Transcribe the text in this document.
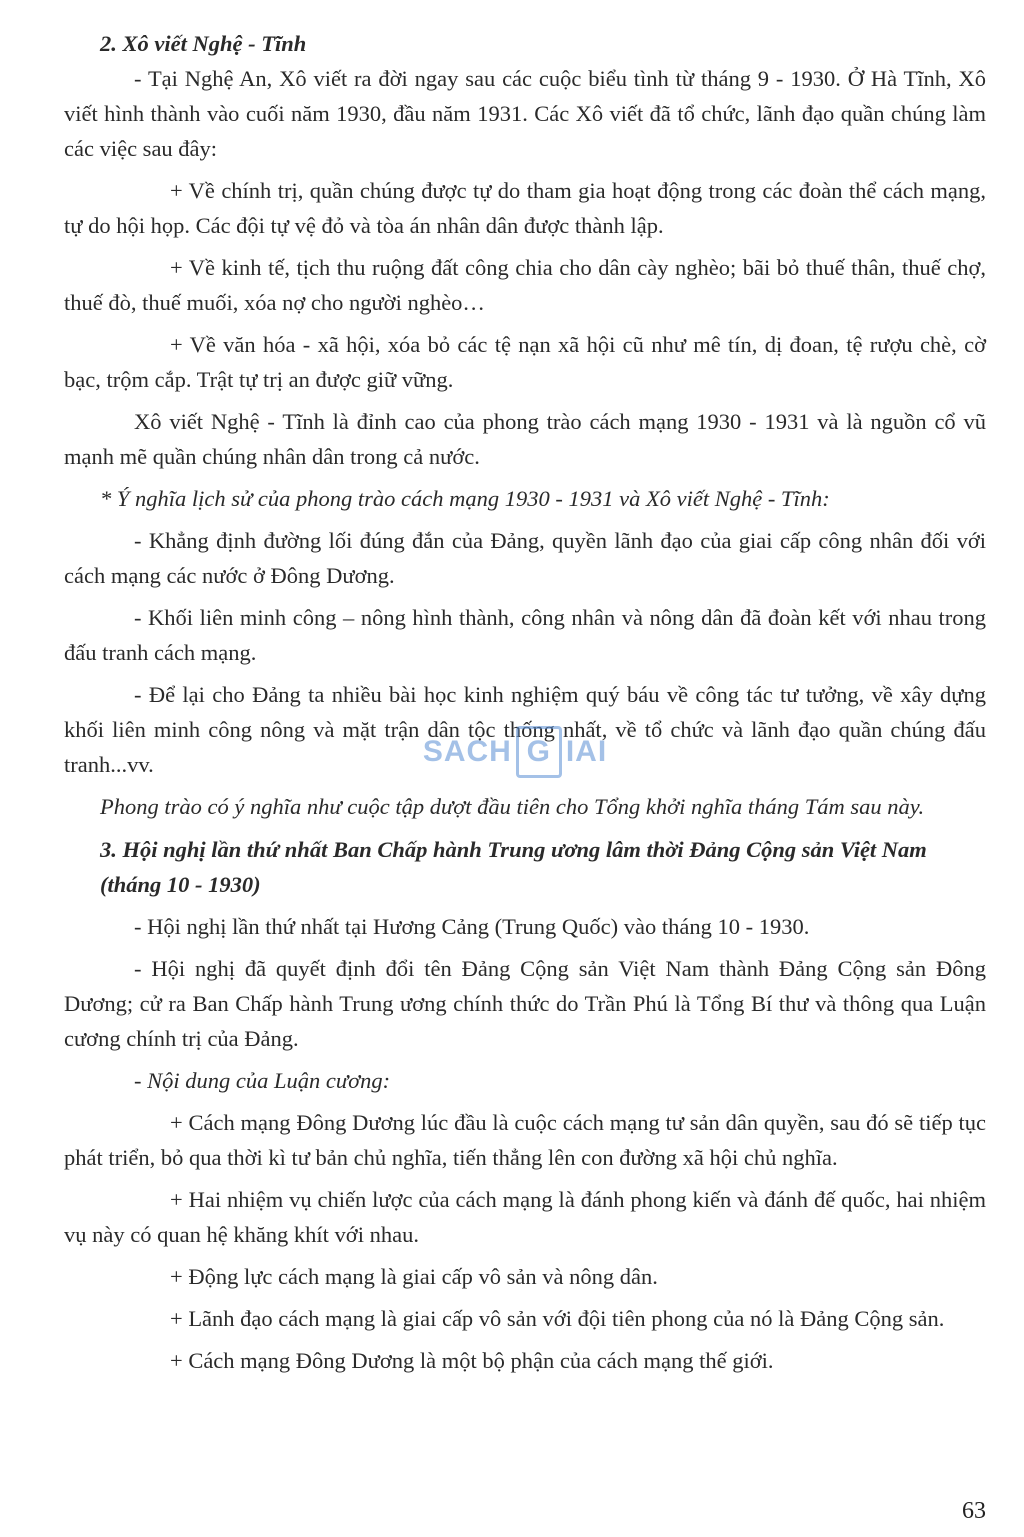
2. Xô viết Nghệ - Tĩnh

- Tại Nghệ An, Xô viết ra đời ngay sau các cuộc biểu tình từ tháng 9 - 1930. Ở Hà Tĩnh, Xô viết hình thành vào cuối năm 1930, đầu năm 1931. Các Xô viết đã tổ chức, lãnh đạo quần chúng làm các việc sau đây:

+ Về chính trị, quần chúng được tự do tham gia hoạt động trong các đoàn thể cách mạng, tự do hội họp. Các đội tự vệ đỏ và tòa án nhân dân được thành lập.

+ Về kinh tế, tịch thu ruộng đất công chia cho dân cày nghèo; bãi bỏ thuế thân, thuế chợ, thuế đò, thuế muối, xóa nợ cho người nghèo…

+ Về văn hóa - xã hội, xóa bỏ các tệ nạn xã hội cũ như mê tín, dị đoan, tệ rượu chè, cờ bạc, trộm cắp. Trật tự trị an được giữ vững.

Xô viết Nghệ - Tĩnh là đỉnh cao của phong trào cách mạng 1930 - 1931 và là nguồn cổ vũ mạnh mẽ quần chúng nhân dân trong cả nước.

* Ý nghĩa lịch sử của phong trào cách mạng 1930 - 1931 và Xô viết Nghệ - Tĩnh:

- Khẳng định đường lối đúng đắn của Đảng, quyền lãnh đạo của giai cấp công nhân đối với cách mạng các nước ở Đông Dương.

- Khối liên minh công – nông hình thành, công nhân và nông dân đã đoàn kết với nhau trong đấu tranh cách mạng.

- Để lại cho Đảng ta nhiều bài học kinh nghiệm quý báu về công tác tư tưởng, về xây dựng khối liên minh công nông và mặt trận dân tộc thống nhất, về tổ chức và lãnh đạo quần chúng đấu tranh...vv.

Phong trào có ý nghĩa như cuộc tập dượt đầu tiên cho Tổng khởi nghĩa tháng Tám sau này.

3. Hội nghị lần thứ nhất Ban Chấp hành Trung ương lâm thời Đảng Cộng sản Việt Nam (tháng 10 - 1930)

- Hội nghị lần thứ nhất tại Hương Cảng (Trung Quốc) vào tháng 10 - 1930.

- Hội nghị đã quyết định đổi tên Đảng Cộng sản Việt Nam thành Đảng Cộng sản Đông Dương; cử ra Ban Chấp hành Trung ương chính thức do Trần Phú là Tổng Bí thư và thông qua Luận cương chính trị của Đảng.

- Nội dung của Luận cương:

+ Cách mạng Đông Dương lúc đầu là cuộc cách mạng tư sản dân quyền, sau đó sẽ tiếp tục phát triển, bỏ qua thời kì tư bản chủ nghĩa, tiến thẳng lên con đường xã hội chủ nghĩa.

+ Hai nhiệm vụ chiến lược của cách mạng là đánh phong kiến và đánh đế quốc, hai nhiệm vụ này có quan hệ khăng khít với nhau.

+ Động lực cách mạng là giai cấp vô sản và nông dân.

+ Lãnh đạo cách mạng là giai cấp vô sản với đội tiên phong của nó là Đảng Cộng sản.

+ Cách mạng Đông Dương là một bộ phận của cách mạng thế giới.

SACH G IAI
63
